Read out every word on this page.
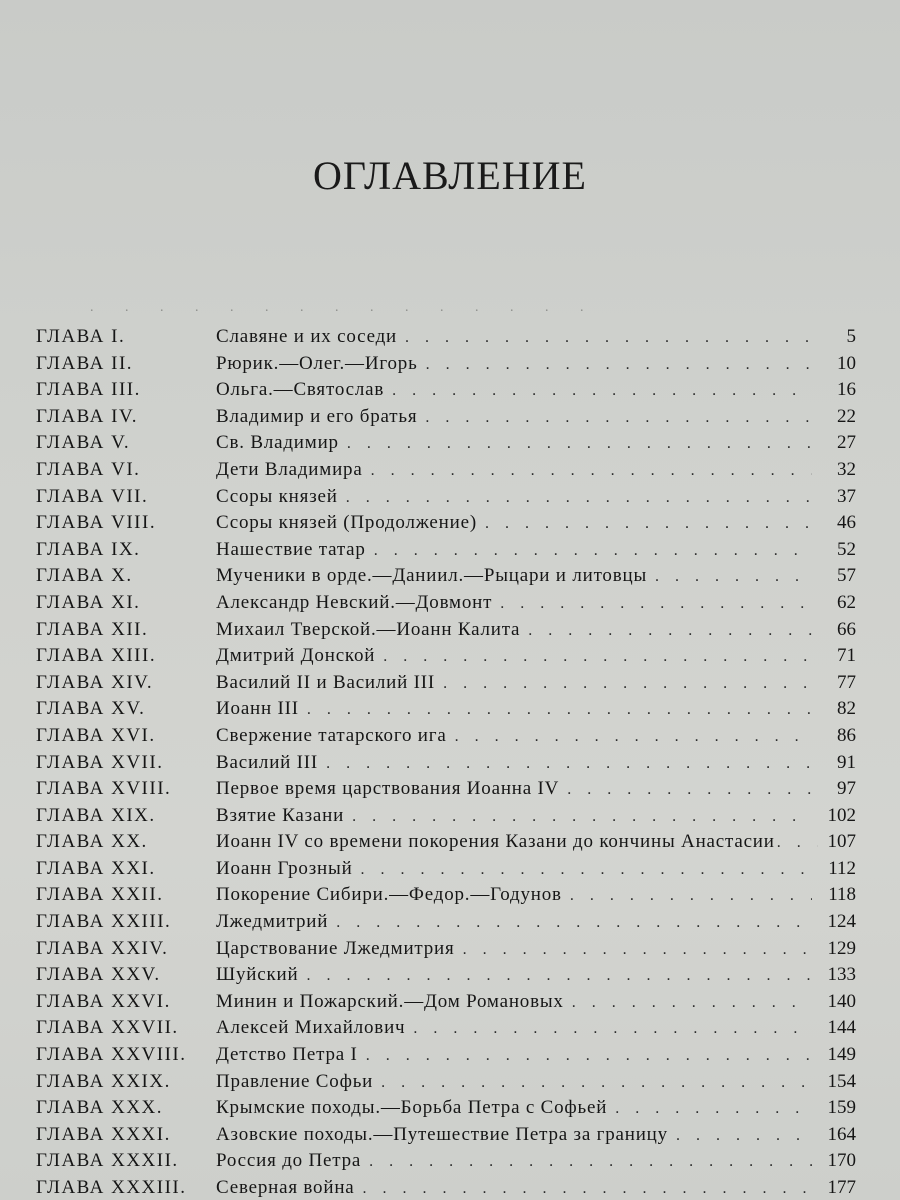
ОГЛАВЛЕНИЕ
. . . . . . . . . . . . . . .
ГЛАВА I.	Славяне и их соседи . . .	5
ГЛАВА II.	Рюрик.—Олег.—Игорь . . .	10
ГЛАВА III.	Ольга.—Святослав . . .	16
ГЛАВА IV.	Владимир и его братья . . .	22
ГЛАВА V.	Св. Владимир . . .	27
ГЛАВА VI.	Дети Владимира . . .	32
ГЛАВА VII.	Ссоры князей . . .	37
ГЛАВА VIII.	Ссоры князей (Продолжение) . . .	46
ГЛАВА IX.	Нашествие татар . . .	52
ГЛАВА X.	Мученики в орде.—Даниил.—Рыцари и литовцы . . .	57
ГЛАВА XI.	Александр Невский.—Довмонт . . .	62
ГЛАВА XII.	Михаил Тверской.—Иоанн Калита . . .	66
ГЛАВА XIII.	Дмитрий Донской . . .	71
ГЛАВА XIV.	Василий II и Василий III . . .	77
ГЛАВА XV.	Иоанн III . . .	82
ГЛАВА XVI.	Свержение татарского ига . . .	86
ГЛАВА XVII.	Василий III . . .	91
ГЛАВА XVIII. Первое время царствования Иоанна IV . . .	97
ГЛАВА XIX.	Взятие Казани . . .	102
ГЛАВА XX.	Иоанн IV со времени покорения Казани до кончины Анастасии . . .	107
ГЛАВА XXI.	Иоанн Грозный . . .	112
ГЛАВА XXII.	Покорение Сибири.—Федор.—Годунов . . .	118
ГЛАВА XXIII. Лжедмитрий . . .	124
ГЛАВА XXIV.	Царствование Лжедмитрия . . .	129
ГЛАВА XXV.	Шуйский . . .	133
ГЛАВА XXVI. Минин и Пожарский.—Дом Романовых . . .	140
ГЛАВА XXVII. Алексей Михайлович . . .	144
ГЛАВА XXVIII. Детство Петра I . . .	149
ГЛАВА XXIX. Правление Софьи . . .	154
ГЛАВА XXX.	Крымские походы.—Борьба Петра с Софьей . . .	159
ГЛАВА XXXI. Азовские походы.—Путешествие Петра за границу . . .	164
ГЛАВА XXXII. Россия до Петра . . .	170
ГЛАВА XXXIII. Северная война . . .	177
